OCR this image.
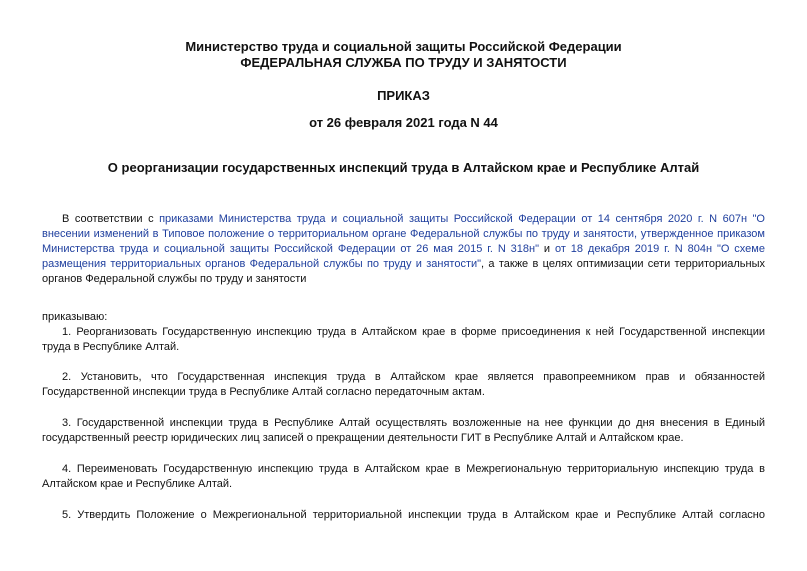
Министерство труда и социальной защиты Российской Федерации
ФЕДЕРАЛЬНАЯ СЛУЖБА ПО ТРУДУ И ЗАНЯТОСТИ
ПРИКАЗ
от 26 февраля 2021 года N 44
О реорганизации государственных инспекций труда в Алтайском крае и Республике Алтай
В соответствии с приказами Министерства труда и социальной защиты Российской Федерации от 14 сентября 2020 г. N 607н "О внесении изменений в Типовое положение о территориальном органе Федеральной службы по труду и занятости, утвержденное приказом Министерства труда и социальной защиты Российской Федерации от 26 мая 2015 г. N 318н" и от 18 декабря 2019 г. N 804н "О схеме размещения территориальных органов Федеральной службы по труду и занятости", а также в целях оптимизации сети территориальных органов Федеральной службы по труду и занятости
приказываю:
1. Реорганизовать Государственную инспекцию труда в Алтайском крае в форме присоединения к ней Государственной инспекции труда в Республике Алтай.
2. Установить, что Государственная инспекция труда в Алтайском крае является правопреемником прав и обязанностей Государственной инспекции труда в Республике Алтай согласно передаточным актам.
3. Государственной инспекции труда в Республике Алтай осуществлять возложенные на нее функции до дня внесения в Единый государственный реестр юридических лиц записей о прекращении деятельности ГИТ в Республике Алтай и Алтайском крае.
4. Переименовать Государственную инспекцию труда в Алтайском крае в Межрегиональную территориальную инспекцию труда в Алтайском крае и Республике Алтай.
5. Утвердить Положение о Межрегиональной территориальной инспекции труда в Алтайском крае и Республике Алтай согласно
